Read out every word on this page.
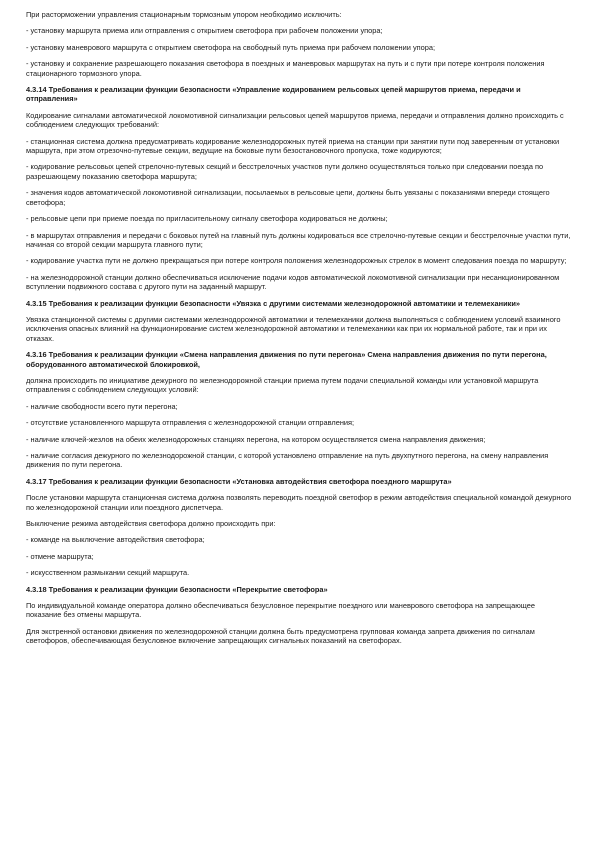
При расторможении управления стационарным тормозным упором необходимо исключить:

- установку маршрута приема или отправления с открытием светофора при рабочем положении упора;

- установку маневрового маршрута с открытием светофора на свободный путь приема при рабочем положении упора;

- установку и сохранение разрешающего показания светофора в поездных и маневровых маршрутах на путь и с пути при потере контроля положения стационарного тормозного упора.

4.3.14 Требования к реализации функции безопасности «Управление кодированием рельсовых цепей маршрутов приема, передачи и отправления»

Кодирование сигналами автоматической локомотивной сигнализации рельсовых цепей маршрутов приема, передачи и отправления должно происходить с соблюдением следующих требований:

- станционная система должна предусматривать кодирование железнодорожных путей приема на станции при занятии пути под заверенным от установки маршрута, при этом отрезочно-путевые секции, ведущие на боковые пути безостановочного пропуска, тоже кодируются;

- кодирование рельсовых цепей стрелочно-путевых секций и бесстрелочных участков пути должно осуществляться только при следовании поезда по разрешающему показанию светофора маршрута;

- значения кодов автоматической локомотивной сигнализации, посылаемых в рельсовые цепи, должны быть увязаны с показаниями впереди стоящего светофора;

- рельсовые цепи при приеме поезда по пригласительному сигналу светофора кодироваться не должны;

- в маршрутах отправления и передачи с боковых путей на главный путь должны кодироваться все стрелочно-путевые секции и бесстрелочные участки пути, начиная со второй секции маршрута главного пути;

- кодирование участка пути не должно прекращаться при потере контроля положения железнодорожных стрелок в момент следования поезда по маршруту;

- на железнодорожной станции должно обеспечиваться исключение подачи кодов автоматической локомотивной сигнализации при несанкционированном вступлении подвижного состава с другого пути на заданный маршрут.

4.3.15 Требования к реализации функции безопасности «Увязка с другими системами железнодорожной автоматики и телемеханики»

Увязка станционной системы с другими системами железнодорожной автоматики и телемеханики должна выполняться с соблюдением условий взаимного исключения опасных влияний на функционирование систем железнодорожной автоматики и телемеханики как при их нормальной работе, так и при их отказах.

4.3.16 Требования к реализации функции «Смена направления движения по пути перегона» Смена направления движения по пути перегона, оборудованного автоматической блокировкой,

должна происходить по инициативе дежурного по железнодорожной станции приема путем подачи специальной команды или установкой маршрута отправления с соблюдением следующих условий:

- наличие свободности всего пути перегона;

- отсутствие установленного маршрута отправления с железнодорожной станции отправления;

- наличие ключей-жезлов на обеих железнодорожных станциях перегона, на котором осуществляется смена направления движения;

- наличие согласия дежурного по железнодорожной станции, с которой установлено отправление на путь двухпутного перегона, на смену направления движения по пути перегона.

4.3.17 Требования к реализации функции безопасности «Установка автодействия светофора поездного маршрута»

После установки маршрута станционная система должна позволять переводить поездной светофор в режим автодействия специальной командой дежурного по железнодорожной станции или поездного диспетчера.

Выключение режима автодействия светофора должно происходить при:

- команде на выключение автодействия светофора;

- отмене маршрута;

- искусственном размыкании секций маршрута.

4.3.18 Требования к реализации функции безопасности «Перекрытие светофора»

По индивидуальной команде оператора должно обеспечиваться безусловное перекрытие поездного или маневрового светофора на запрещающее показание без отмены маршрута.

Для экстренной остановки движения по железнодорожной станции должна быть предусмотрена групповая команда запрета движения по сигналам светофоров, обеспечивающая безусловное включение запрещающих сигнальных показаний на светофорах.
